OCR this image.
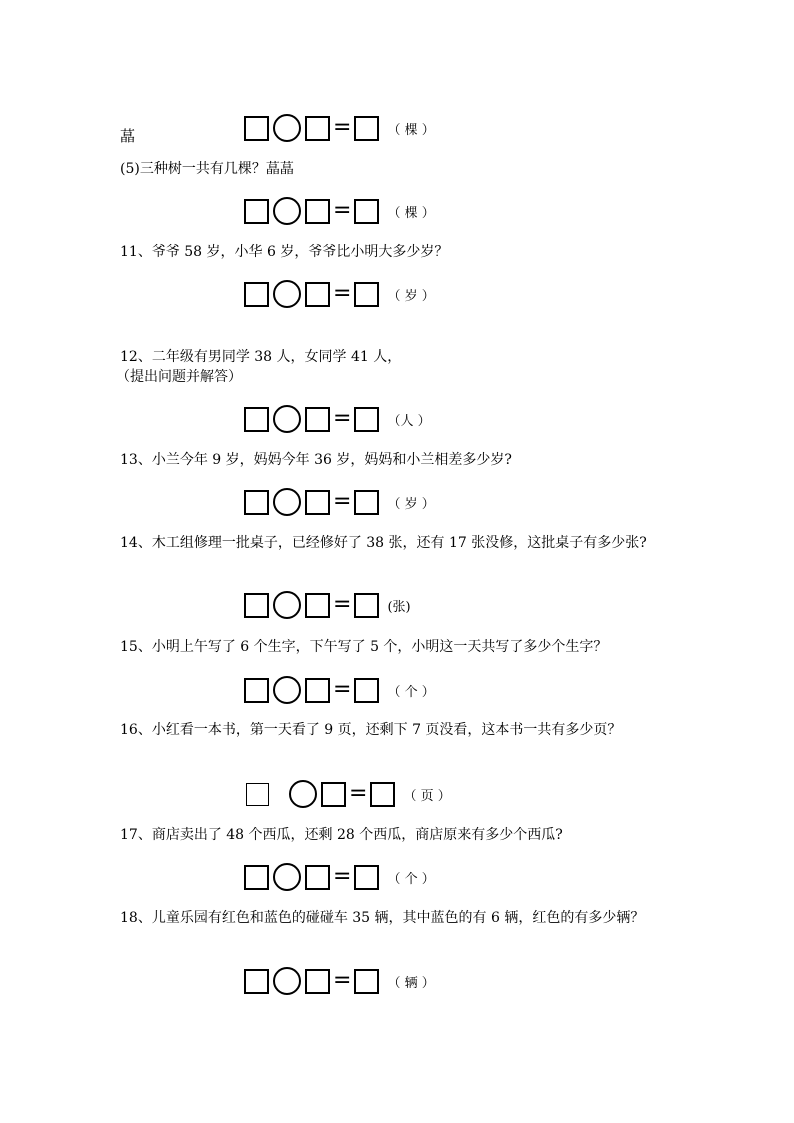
蕌	=	（ 棵 ）
(5)三种树一共有几棵？蕌蕌
=	（ 棵 ）
11、爷爷 58 岁，小华 6 岁，爷爷比小明大多少岁？
=	（ 岁 ）
12、二年级有男同学 38 人，女同学 41 人，
（提出问题并解答）
=	（人 ）
13、小兰今年 9 岁，妈妈今年 36 岁，妈妈和小兰相差多少岁?
=	（ 岁 ）
14、木工组修理一批桌子，已经修好了 38 张，还有 17 张没修，这批桌子有多少张?
=	(张)
15、小明上午写了 6 个生字，下午写了 5 个，小明这一天共写了多少个生字？
=	（ 个 ）
16、小红看一本书，第一天看了 9 页，还剩下 7 页没看，这本书一共有多少页？
=	（ 页 ）
17、商店卖出了 48 个西瓜，还剩 28 个西瓜，商店原来有多少个西瓜?
=	（ 个 ）
18、儿童乐园有红色和蓝色的碰碰车 35 辆，其中蓝色的有 6 辆，红色的有多少辆？
=	（ 辆 ）
